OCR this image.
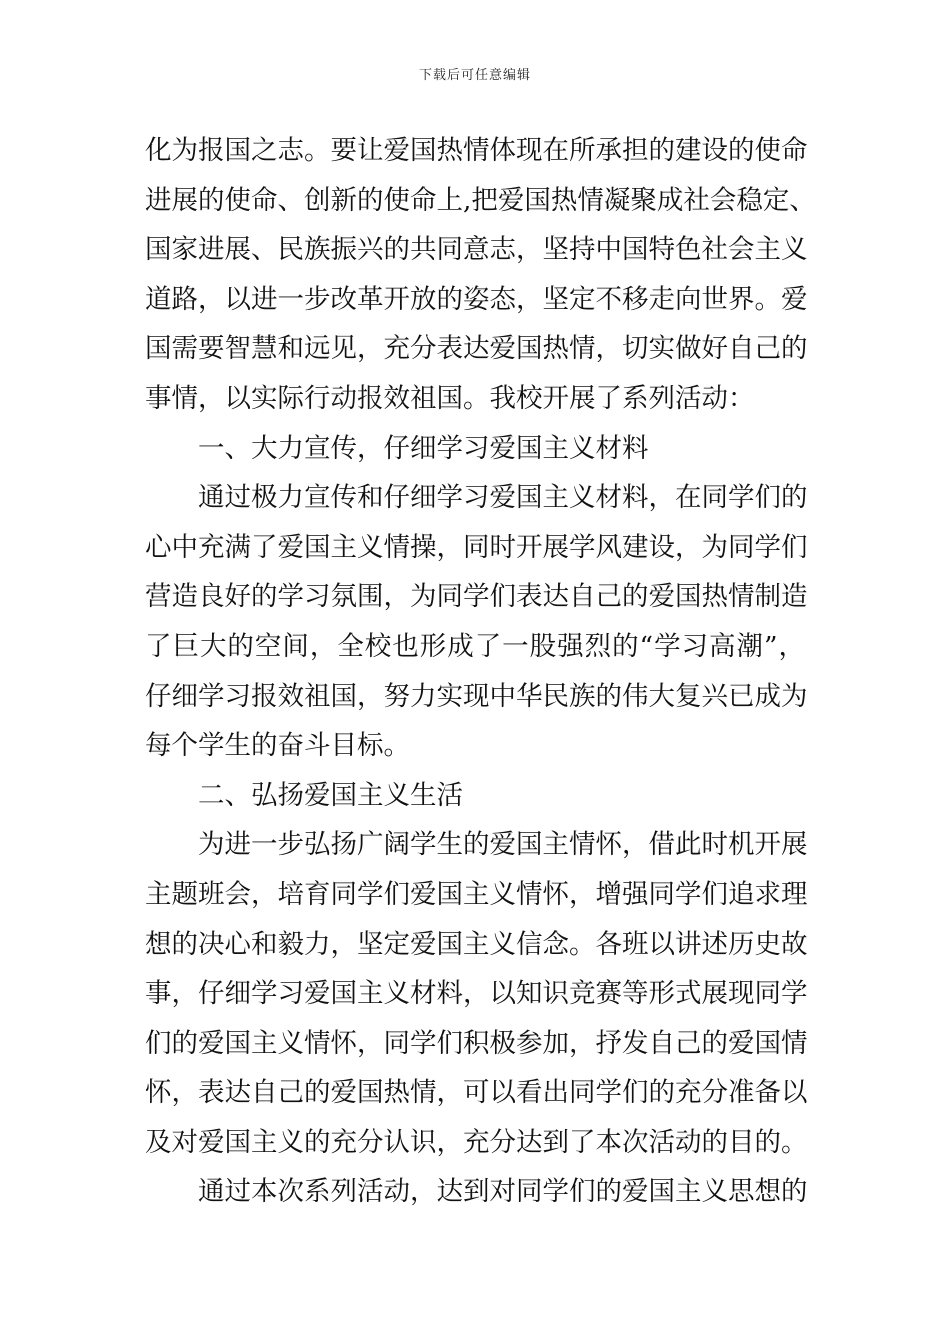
下载后可任意编辑
化为报国之志。要让爱国热情体现在所承担的建设的使命
进展的使命、创新的使命上,把爱国热情凝聚成社会稳定、
国家进展、民族振兴的共同意志，坚持中国特色社会主义
道路，以进一步改革开放的姿态，坚定不移走向世界。爱
国需要智慧和远见，充分表达爱国热情，切实做好自己的
事情，以实际行动报效祖国。我校开展了系列活动：
一、大力宣传，仔细学习爱国主义材料
通过极力宣传和仔细学习爱国主义材料，在同学们的
心中充满了爱国主义情操，同时开展学风建设，为同学们
营造良好的学习氛围，为同学们表达自己的爱国热情制造
了巨大的空间，全校也形成了一股强烈的“学习高潮”，
仔细学习报效祖国，努力实现中华民族的伟大复兴已成为
每个学生的奋斗目标。
二、弘扬爱国主义生活
为进一步弘扬广阔学生的爱国主情怀，借此时机开展
主题班会，培育同学们爱国主义情怀，增强同学们追求理
想的决心和毅力，坚定爱国主义信念。各班以讲述历史故
事，仔细学习爱国主义材料，以知识竞赛等形式展现同学
们的爱国主义情怀，同学们积极参加，抒发自己的爱国情
怀，表达自己的爱国热情，可以看出同学们的充分准备以
及对爱国主义的充分认识，充分达到了本次活动的目的。
通过本次系列活动，达到对同学们的爱国主义思想的
